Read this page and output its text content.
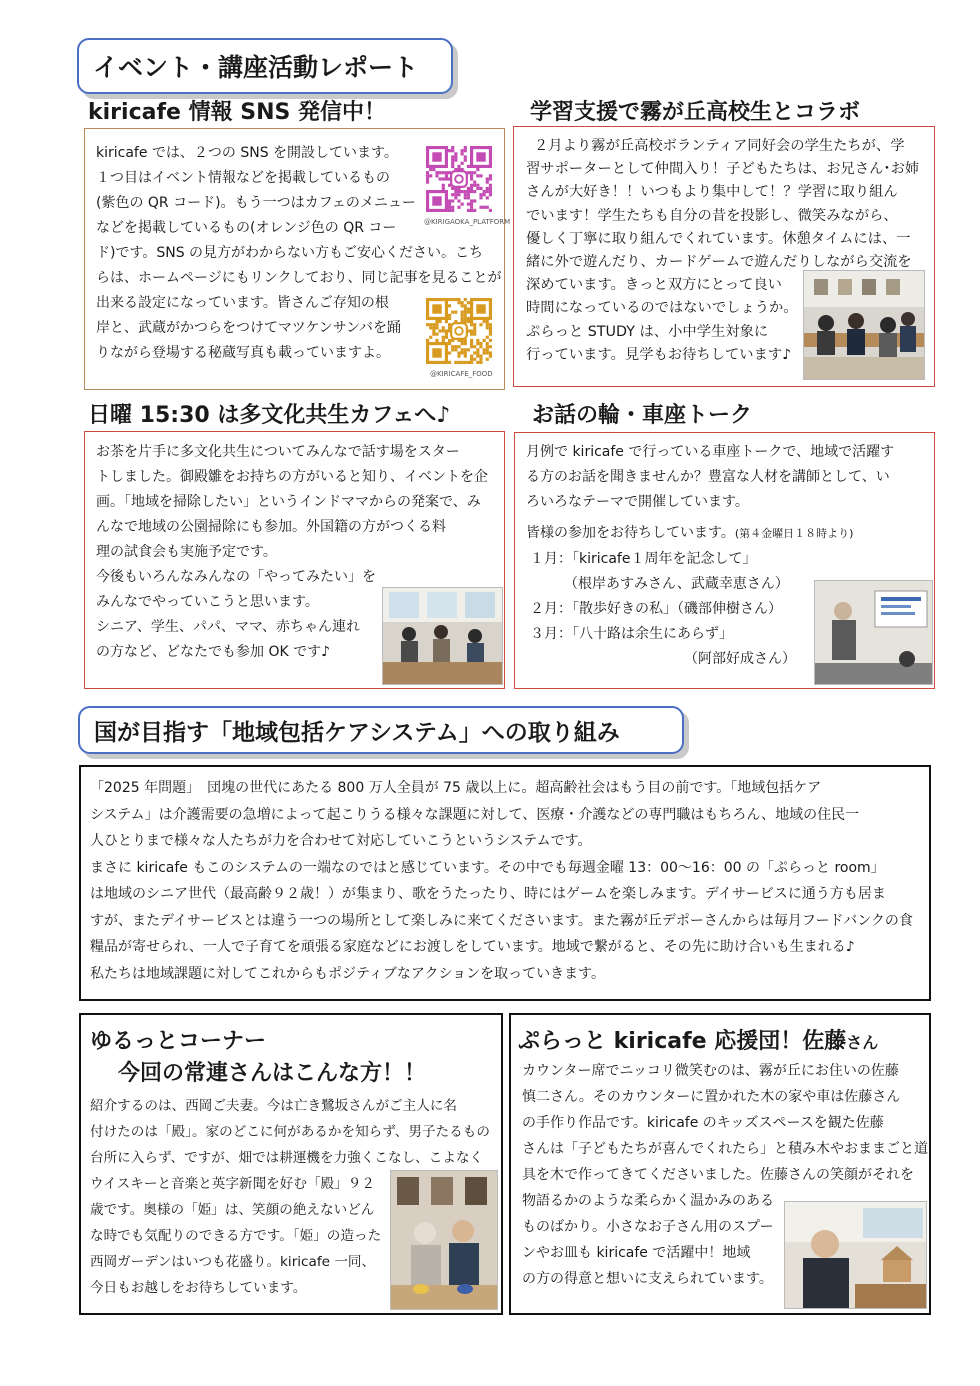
イベント・講座活動レポート
kiricafe 情報 SNS 発信中！
kiricafe では、２つの SNS を開設しています。
１つ目はイベント情報などを掲載しているもの
(紫色の QR コード)。もう一つはカフェのメニュー
などを掲載しているもの(オレンジ色の QR コー
ド)です。SNS の見方がわからない方もご安心ください。こち
らは、ホームページにもリンクしており、同じ記事を見ることが
出来る設定になっています。皆さんご存知の根
岸と、武蔵がかつらをつけてマツケンサンバを踊
りながら登場する秘蔵写真も載っていますよ。
@KIRIGAOKA_PLATFORM
@KIRICAFE_FOOD
学習支援で霧が丘高校生とコラボ
２月より霧が丘高校ボランティア同好会の学生たちが、学
習サポーターとして仲間入り！子どもたちは、お兄さん･お姉
さんが大好き！！いつもより集中して！？学習に取り組ん
でいます！学生たちも自分の昔を投影し、微笑みながら、
優しく丁寧に取り組んでくれています。休憩タイムには、一
緒に外で遊んだり、カードゲームで遊んだりしながら交流を
深めています。きっと双方にとって良い
時間になっているのではないでしょうか。
ぷらっと STUDY は、小中学生対象に
行っています。見学もお待ちしています♪
日曜 15:30 は多文化共生カフェへ♪
お茶を片手に多文化共生についてみんなで話す場をスター
トしました。御殿雛をお持ちの方がいると知り、イベントを企
画。「地域を掃除したい」というインドママからの発案で、み
んなで地域の公園掃除にも参加。外国籍の方がつくる料
理の試食会も実施予定です。
今後もいろんなみんなの「やってみたい」を
みんなでやっていこうと思います。
シニア、学生、パパ、ママ、赤ちゃん連れ
の方など、どなたでも参加 OK です♪
お話の輪・車座トーク
月例で kiricafe で行っている車座トークで、地域で活躍す
る方のお話を聞きませんか？豊富な人材を講師として、い
ろいろなテーマで開催しています。
皆様の参加をお待ちしています。(第４金曜日１８時より)
１月：「kiricafe１周年を記念して」
（根岸あすみさん、武蔵幸恵さん）
２月：「散歩好きの私」（磯部伸樹さん）
３月：「八十路は余生にあらず」
（阿部好成さん）
国が目指す「地域包括ケアシステム」への取り組み
「2025 年問題」　団塊の世代にあたる 800 万人全員が 75 歳以上に。超高齢社会はもう目の前です。「地域包括ケア
システム」は介護需要の急増によって起こりうる様々な課題に対して、医療・介護などの専門職はもちろん、地域の住民一
人ひとりまで様々な人たちが力を合わせて対応していこうというシステムです。
まさに kiricafe もこのシステムの一端なのではと感じています。その中でも毎週金曜 13：00～16：00 の「ぷらっと room」
は地域のシニア世代（最高齢９２歳！）が集まり、歌をうたったり、時にはゲームを楽しみます。デイサービスに通う方も居ま
すが、またデイサービスとは違う一つの場所として楽しみに来てくださいます。また霧が丘デポーさんからは毎月フードバンクの食
糧品が寄せられ、一人で子育てを頑張る家庭などにお渡しをしています。地域で繋がると、その先に助け合いも生まれる♪
私たちは地域課題に対してこれからもポジティブなアクションを取っていきます。
ゆるっとコーナー
今回の常連さんはこんな方！！
紹介するのは、西岡ご夫妻。今は亡き鷺坂さんがご主人に名
付けたのは「殿」。家のどこに何があるかを知らず、男子たるもの
台所に入らず、ですが、畑では耕運機を力強くこなし、こよなく
ウイスキーと音楽と英字新聞を好む「殿」９２
歳です。奥様の「姫」は、笑顔の絶えないどん
な時でも気配りのできる方です。「姫」の造った
西岡ガーデンはいつも花盛り。kiricafe 一同、
今日もお越しをお待ちしています。
ぷらっと kiricafe 応援団！佐藤さん
カウンター席でニッコリ微笑むのは、霧が丘にお住いの佐藤
慎二さん。そのカウンターに置かれた木の家や車は佐藤さん
の手作り作品です。kiricafe のキッズスペースを観た佐藤
さんは「子どもたちが喜んでくれたら」と積み木やおままごと道
具を木で作ってきてくださいました。佐藤さんの笑顔がそれを
物語るかのような柔らかく温かみのある
ものばかり。小さなお子さん用のスプー
ンやお皿も kiricafe で活躍中！地域
の方の得意と想いに支えられています。
